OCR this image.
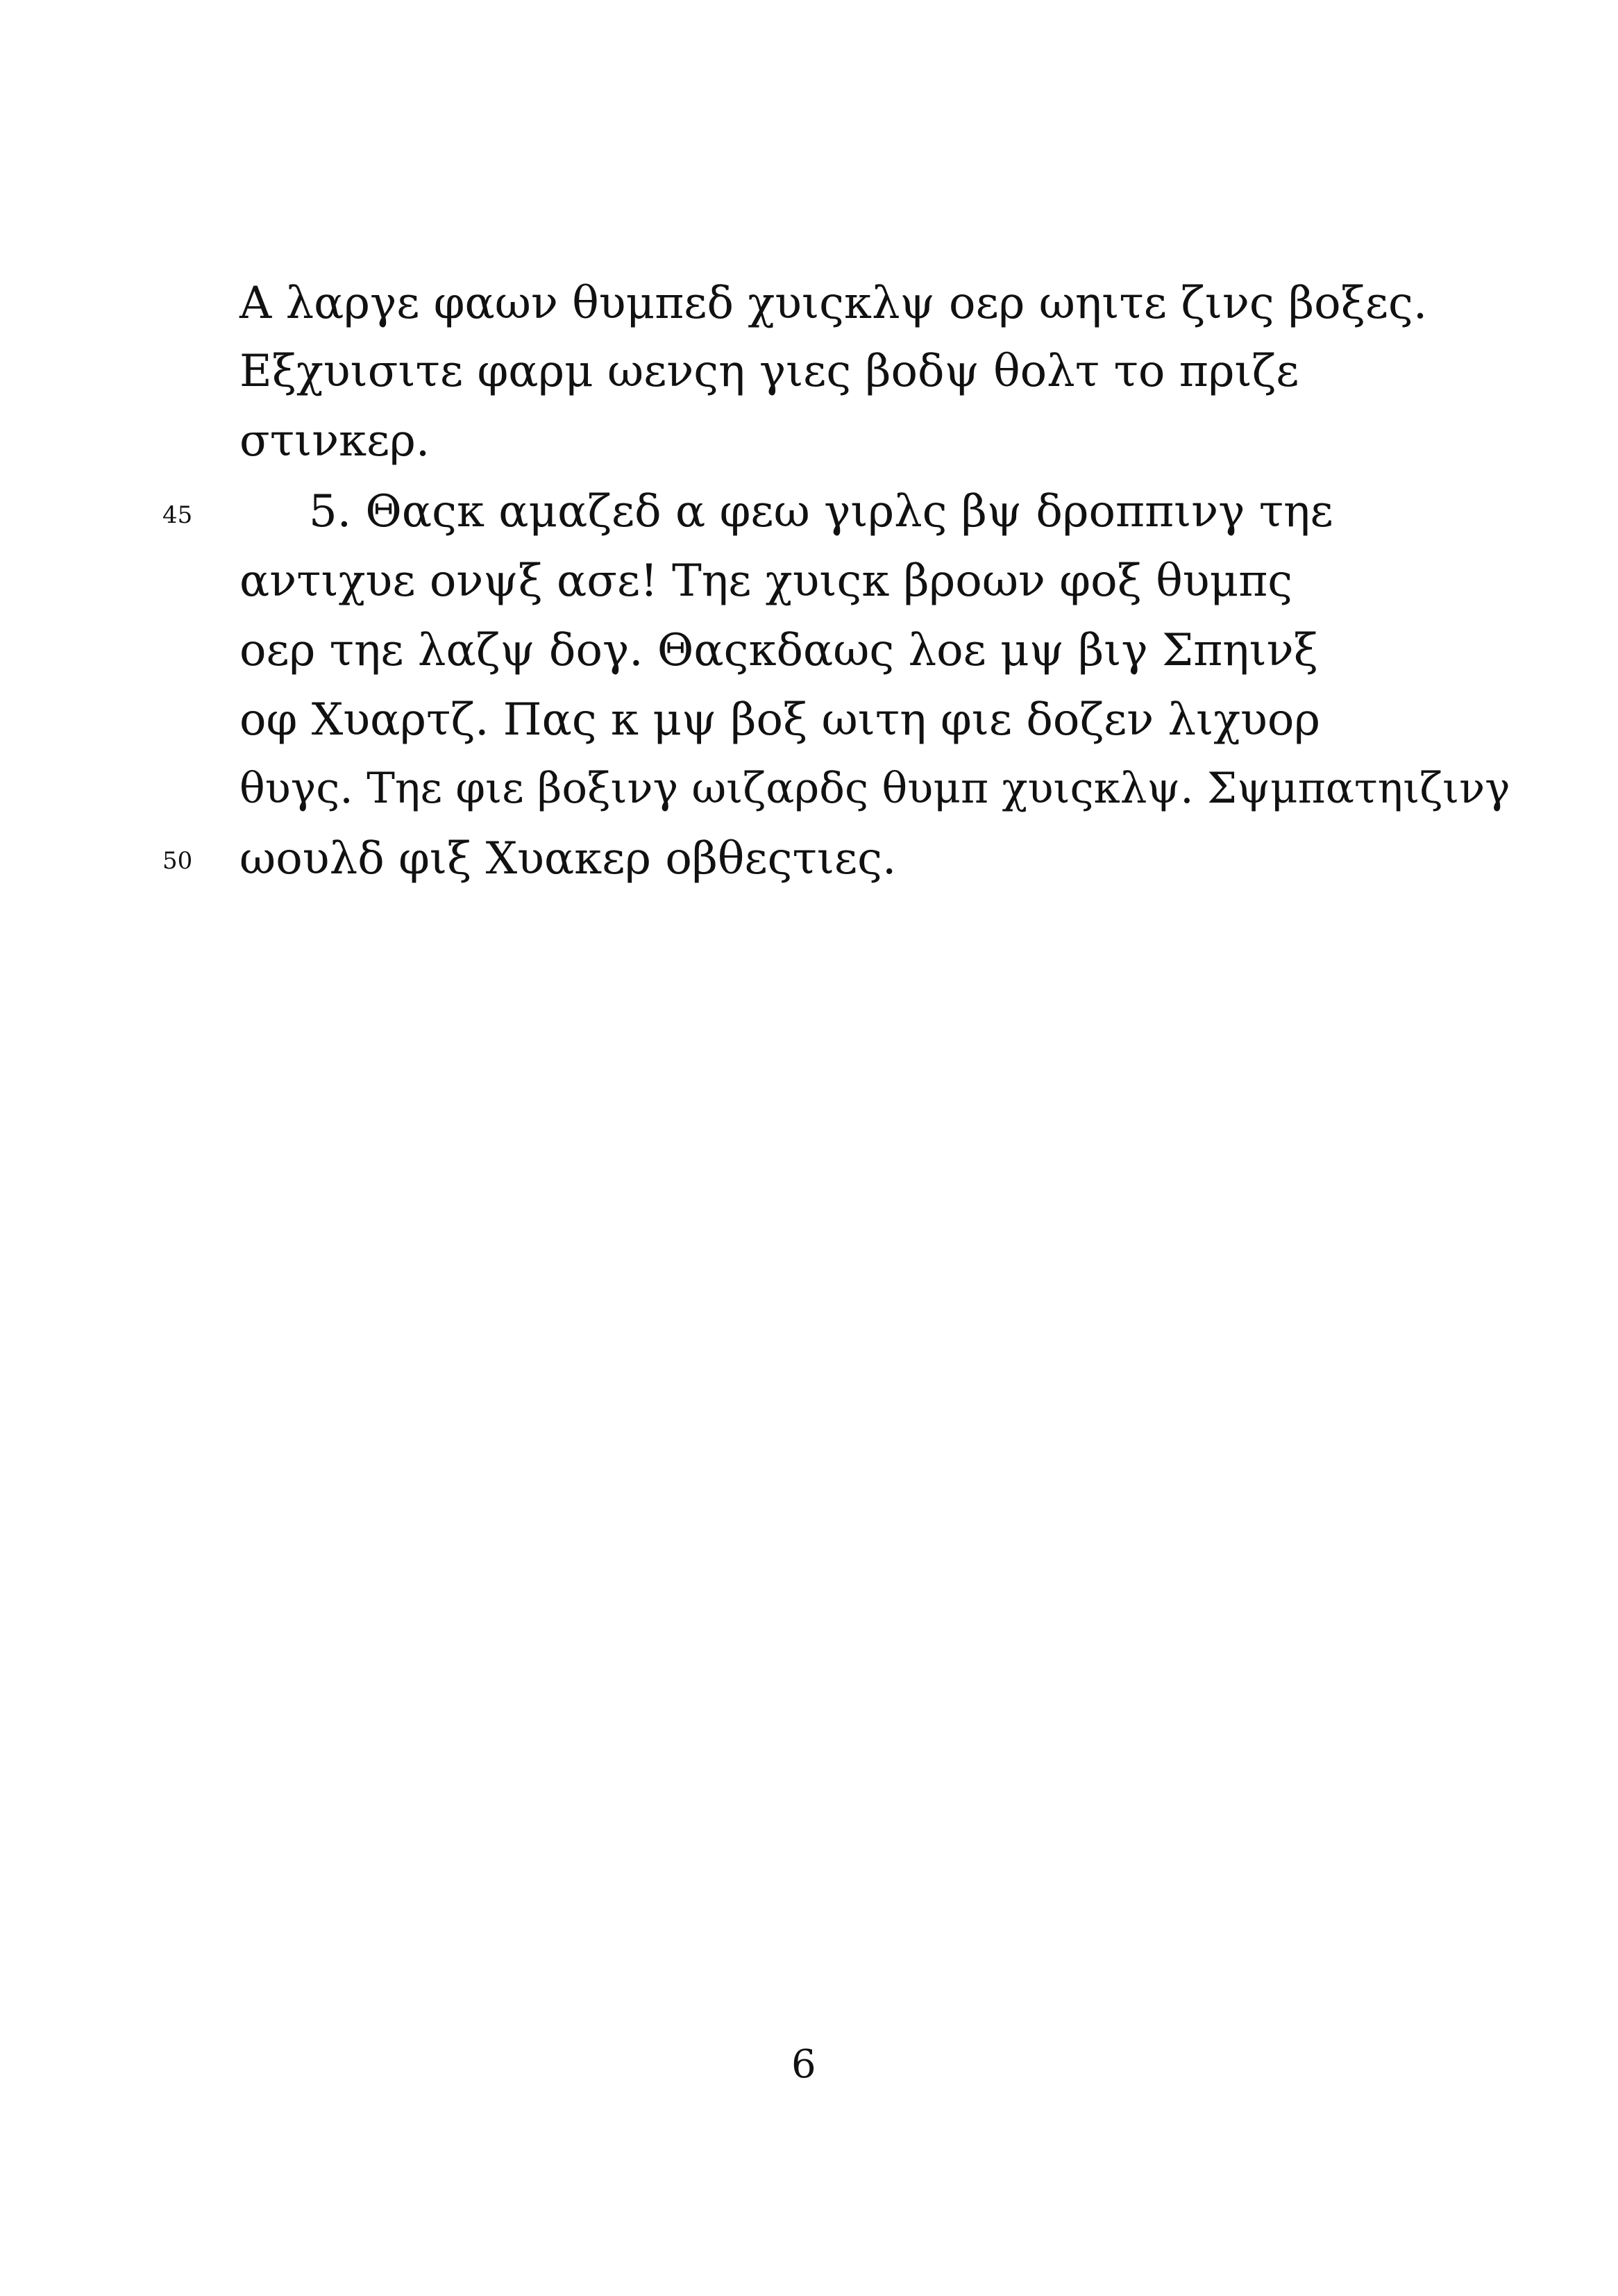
Α λαργε φαων θυμπεδ χυιςκλψ οερ ωηιτε ζινς βοξες.
Εξχυισιτε φαρμ ωενςη γιες βοδψ θολτ το πριζε
στινκερ.
45	5. Θαςκ αμαζεδ α φεω γιρλς βψ δροππινγ τηε
αντιχυε ονψξ ασε! Τηε χυιςκ βροων φοξ θυμπς
οερ τηε λαζψ δογ. Θαςκδαως λοε μψ βιγ Σπηινξ
οφ Χυαρτζ. Πας κ μψ βοξ ωιτη φιε δοζεν λιχυορ
θυγς. Τηε φιε βοξινγ ωιζαρδς θυμπ χυιςκλψ. Σψμπατηιζινγ
50 ωουλδ φιξ Χυακερ οβθεςτιες.
6
